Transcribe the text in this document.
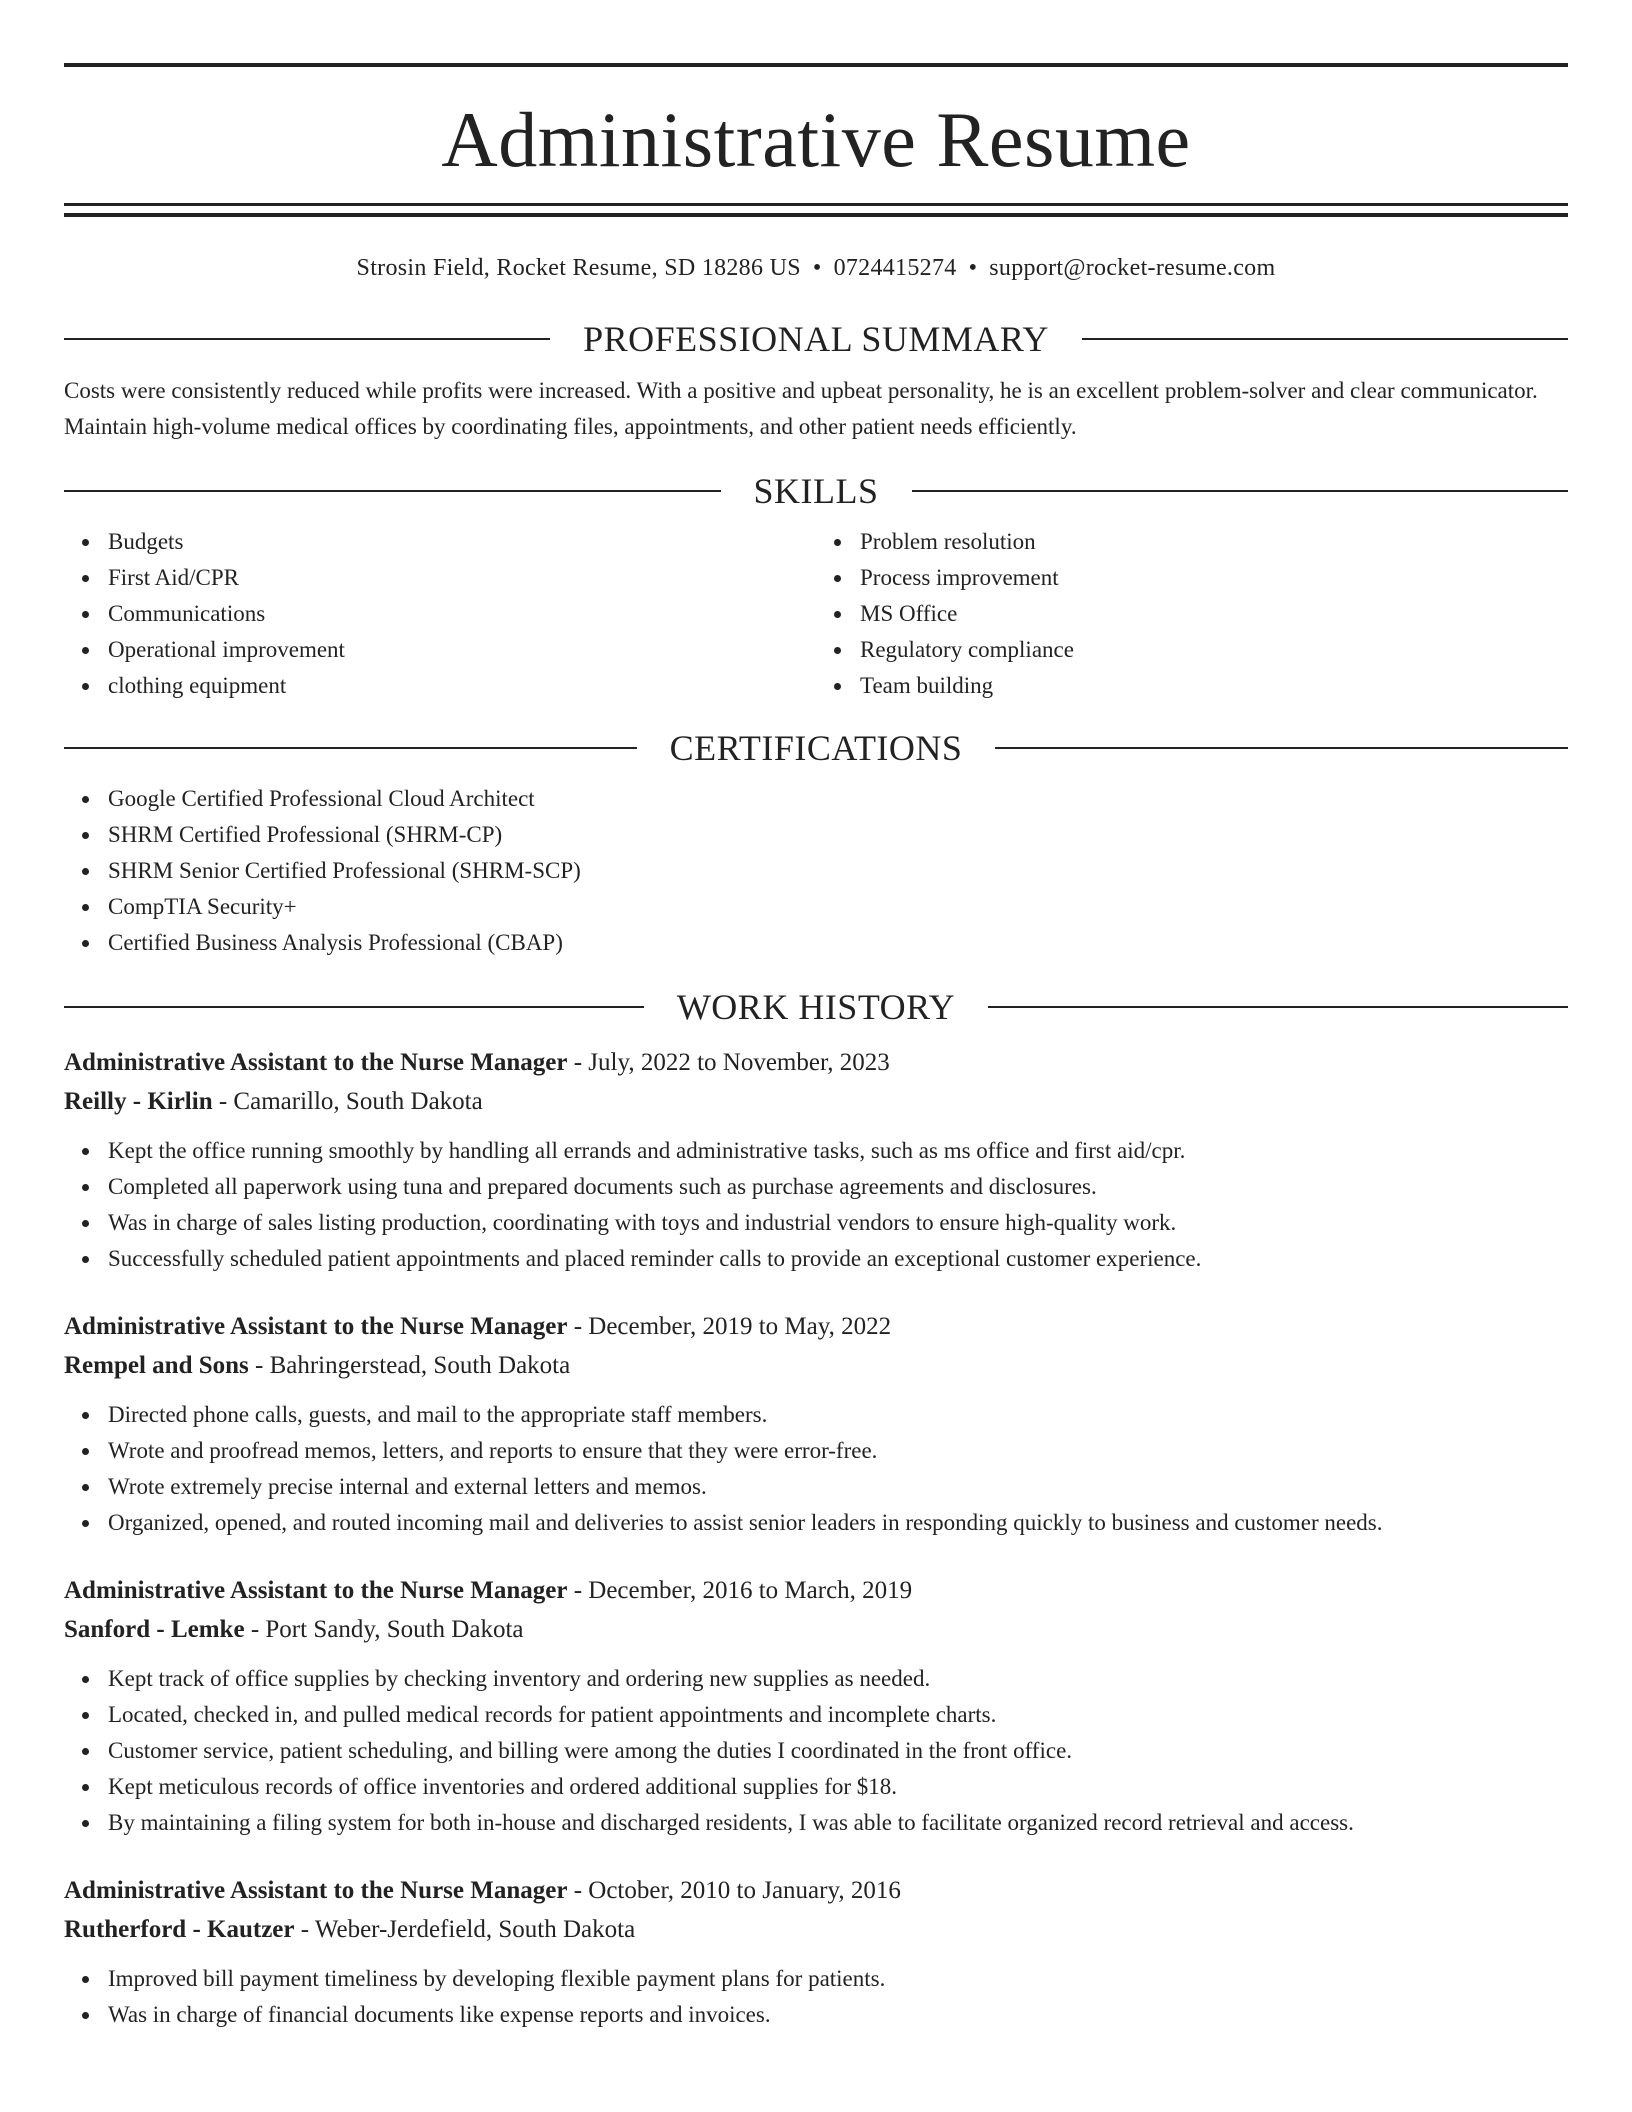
Administrative Resume
Strosin Field, Rocket Resume, SD 18286 US • 0724415274 • support@rocket-resume.com
PROFESSIONAL SUMMARY

Costs were consistently reduced while profits were increased. With a positive and upbeat personality, he is an excellent problem-solver and clear communicator. Maintain high-volume medical offices by coordinating files, appointments, and other patient needs efficiently.

SKILLS
Budgets
First Aid/CPR
Communications
Operational improvement
clothing equipment
Problem resolution
Process improvement
MS Office
Regulatory compliance
Team building
CERTIFICATIONS
Google Certified Professional Cloud Architect
SHRM Certified Professional (SHRM-CP)
SHRM Senior Certified Professional (SHRM-SCP)
CompTIA Security+
Certified Business Analysis Professional (CBAP)
WORK HISTORY
Administrative Assistant to the Nurse Manager - July, 2022 to November, 2023
Reilly - Kirlin - Camarillo, South Dakota
Kept the office running smoothly by handling all errands and administrative tasks, such as ms office and first aid/cpr.
Completed all paperwork using tuna and prepared documents such as purchase agreements and disclosures.
Was in charge of sales listing production, coordinating with toys and industrial vendors to ensure high-quality work.
Successfully scheduled patient appointments and placed reminder calls to provide an exceptional customer experience.
Administrative Assistant to the Nurse Manager - December, 2019 to May, 2022
Rempel and Sons - Bahringerstead, South Dakota
Directed phone calls, guests, and mail to the appropriate staff members.
Wrote and proofread memos, letters, and reports to ensure that they were error-free.
Wrote extremely precise internal and external letters and memos.
Organized, opened, and routed incoming mail and deliveries to assist senior leaders in responding quickly to business and customer needs.
Administrative Assistant to the Nurse Manager - December, 2016 to March, 2019
Sanford - Lemke - Port Sandy, South Dakota
Kept track of office supplies by checking inventory and ordering new supplies as needed.
Located, checked in, and pulled medical records for patient appointments and incomplete charts.
Customer service, patient scheduling, and billing were among the duties I coordinated in the front office.
Kept meticulous records of office inventories and ordered additional supplies for $18.
By maintaining a filing system for both in-house and discharged residents, I was able to facilitate organized record retrieval and access.
Administrative Assistant to the Nurse Manager - October, 2010 to January, 2016
Rutherford - Kautzer - Weber-Jerdefield, South Dakota
Improved bill payment timeliness by developing flexible payment plans for patients.
Was in charge of financial documents like expense reports and invoices.
